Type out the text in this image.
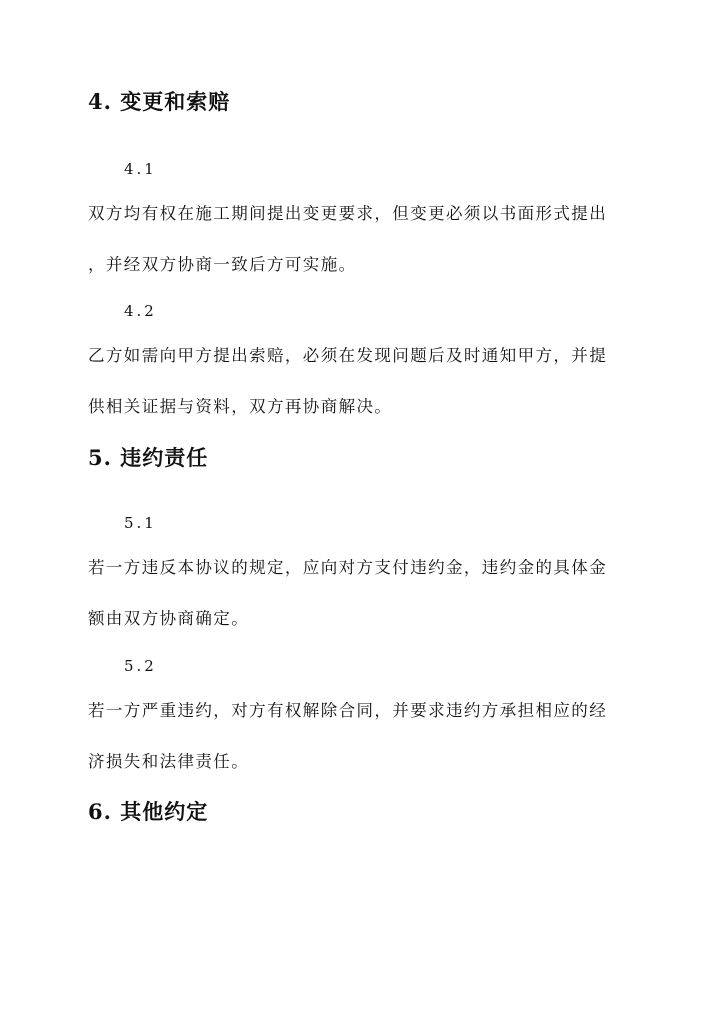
4. 变更和索赔
4.1
双方均有权在施工期间提出变更要求，但变更必须以书面形式提出
，并经双方协商一致后方可实施。
4.2
乙方如需向甲方提出索赔，必须在发现问题后及时通知甲方，并提
供相关证据与资料，双方再协商解决。
5. 违约责任
5.1
若一方违反本协议的规定，应向对方支付违约金，违约金的具体金
额由双方协商确定。
5.2
若一方严重违约，对方有权解除合同，并要求违约方承担相应的经
济损失和法律责任。
6. 其他约定
